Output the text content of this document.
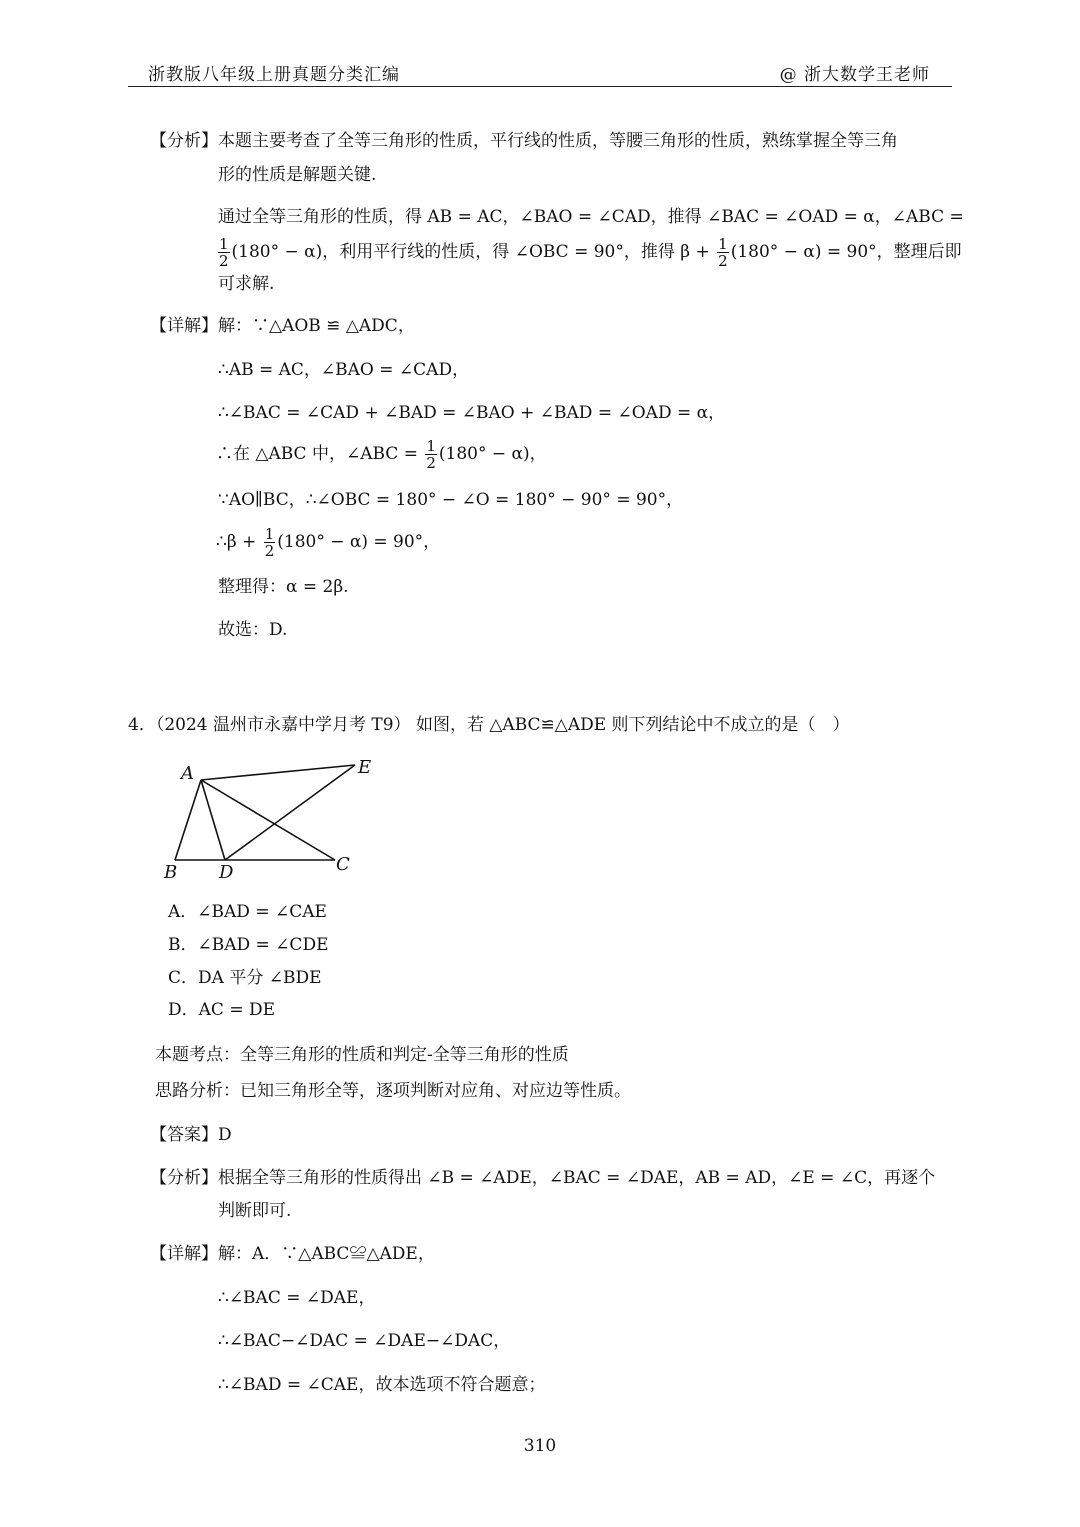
浙教版八年级上册真题分类汇编	@ 浙大数学王老师
【分析】本题主要考查了全等三角形的性质，平行线的性质，等腰三角形的性质，熟练掌握全等三角
形的性质是解题关键.
通过全等三角形的性质，得 AB = AC，∠BAO = ∠CAD，推得 ∠BAC = ∠OAD = α，∠ABC =
$\frac{1}{2} (180^\circ - \alpha)$，利用平行线的性质，得 ∠OBC = 90°，推得 $\beta + \frac{1}{2} (180^\circ - \alpha) = 90^\circ$，整理后即
可求解.
【详解】解：∵△AOB ≌ △ADC，
∴AB = AC，∠BAO = ∠CAD，
∴∠BAC = ∠CAD + ∠BAD = ∠BAO + ∠BAD = ∠OAD = α，
∴在 △ABC 中，∠ABC = $\frac{1}{2} (180^\circ - \alpha)$，
∵AO∥BC，∴∠OBC = 180° − ∠O = 180° − 90° = 90°，
∴β + $\frac{1}{2} (180^\circ - \alpha) = 90^\circ$，
整理得：α = 2β.
故选：D.
4．（2024 温州市永嘉中学月考 T9） 如图，若 △ABC≌△ADE 则下列结论中不成立的是（　）
A	E
B D	C
A．∠BAD = ∠CAE
B．∠BAD = ∠CDE
C．DA 平分 ∠BDE
D．AC = DE
本题考点：全等三角形的性质和判定-全等三角形的性质
思路分析：已知三角形全等，逐项判断对应角、对应边等性质。
【答案】D
【分析】根据全等三角形的性质得出 ∠B = ∠ADE，∠BAC = ∠DAE，AB = AD，∠E = ∠C，再逐个
判断即可.
【详解】解：A．∵△ABC≌△ADE，
∴∠BAC = ∠DAE，
∴∠BAC−∠DAC = ∠DAE−∠DAC，
∴∠BAD = ∠CAE，故本选项不符合题意；
310
